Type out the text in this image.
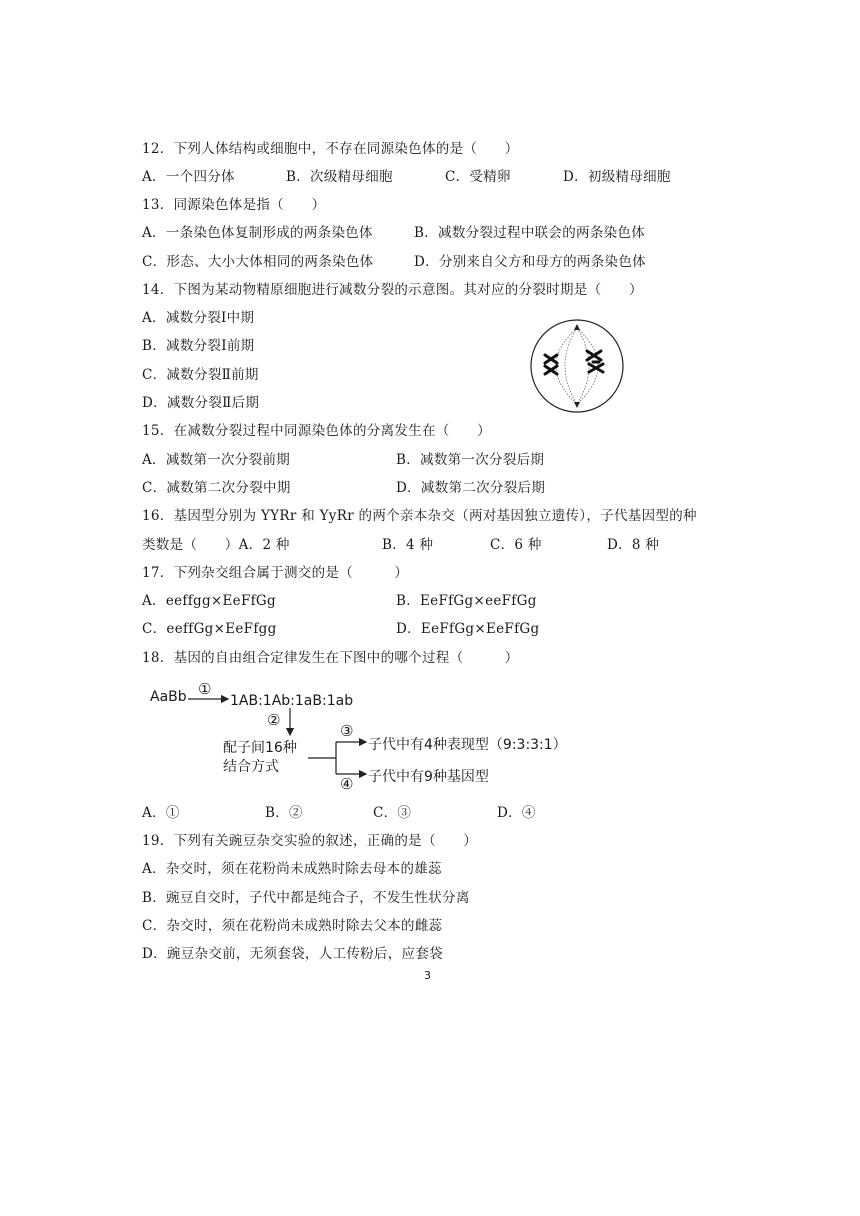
12．下列人体结构或细胞中，不存在同源染色体的是（　　）
A．一个四分体	B．次级精母细胞	C．受精卵	D．初级精母细胞
13．同源染色体是指（　　）
A．一条染色体复制形成的两条染色体	B．减数分裂过程中联会的两条染色体
C．形态、大小大体相同的两条染色体	D．分别来自父方和母方的两条染色体
14．下图为某动物精原细胞进行减数分裂的示意图。其对应的分裂时期是（　　）
A．减数分裂Ⅰ中期
B．减数分裂Ⅰ前期
C．减数分裂Ⅱ前期
D．减数分裂Ⅱ后期
15．在减数分裂过程中同源染色体的分离发生在（　　）
A．减数第一次分裂前期	B．减数第一次分裂后期
C．减数第二次分裂中期	D．减数第二次分裂后期
16．基因型分别为 YYRr 和 YyRr 的两个亲本杂交（两对基因独立遗传），子代基因型的种
类数是（　　）A．2 种	B．4 种	C．6 种	D．8 种
17．下列杂交组合属于测交的是（　　　）
A．eeffgg×EeFfGg	B．EeFfGg×eeFfGg
C．eeffGg×EeFfgg	D．EeFfGg×EeFfGg
18．基因的自由组合定律发生在下图中的哪个过程（　　　）
AaBb ①
1AB:1Ab:1aB:1ab
②
配子间16种
结合方式
③
子代中有4种表现型（9:3:3:1）
④ 子代中有9种基因型
A．①	B．②	C．③	D．④
19．下列有关豌豆杂交实验的叙述，正确的是（　　）
A．杂交时，须在花粉尚未成熟时除去母本的雄蕊
B．豌豆自交时，子代中都是纯合子，不发生性状分离
C．杂交时，须在花粉尚未成熟时除去父本的雌蕊
D．豌豆杂交前，无须套袋，人工传粉后，应套袋
3
